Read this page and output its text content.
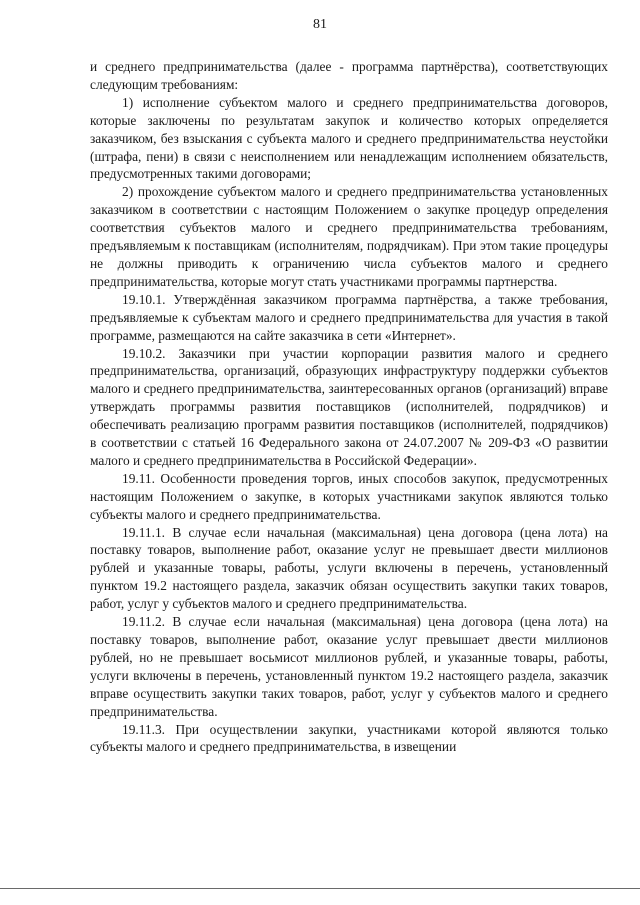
81

и среднего предпринимательства (далее - программа партнёрства), соответствующих следующим требованиям:

1) исполнение субъектом малого и среднего предпринимательства договоров, которые заключены по результатам закупок и количество которых определяется заказчиком, без взыскания с субъекта малого и среднего предпринимательства неустойки (штрафа, пени) в связи с неисполнением или ненадлежащим исполнением обязательств, предусмотренных такими договорами;

2) прохождение субъектом малого и среднего предпринимательства установленных заказчиком в соответствии с настоящим Положением о закупке процедур определения соответствия субъектов малого и среднего предпринимательства требованиям, предъявляемым к поставщикам (исполнителям, подрядчикам). При этом такие процедуры не должны приводить к ограничению числа субъектов малого и среднего предпринимательства, которые могут стать участниками программы партнерства.

19.10.1. Утверждённая заказчиком программа партнёрства, а также требования, предъявляемые к субъектам малого и среднего предпринимательства для участия в такой программе, размещаются на сайте заказчика в сети «Интернет».

19.10.2. Заказчики при участии корпорации развития малого и среднего предпринимательства, организаций, образующих инфраструктуру поддержки субъектов малого и среднего предпринимательства, заинтересованных органов (организаций) вправе утверждать программы развития поставщиков (исполнителей, подрядчиков) и обеспечивать реализацию программ развития поставщиков (исполнителей, подрядчиков) в соответствии с статьей 16 Федерального закона от 24.07.2007 № 209-ФЗ «О развитии малого и среднего предпринимательства в Российской Федерации».

19.11. Особенности проведения торгов, иных способов закупок, предусмотренных настоящим Положением о закупке, в которых участниками закупок являются только субъекты малого и среднего предпринимательства.

19.11.1. В случае если начальная (максимальная) цена договора (цена лота) на поставку товаров, выполнение работ, оказание услуг не превышает двести миллионов рублей и указанные товары, работы, услуги включены в перечень, установленный пунктом 19.2 настоящего раздела, заказчик обязан осуществить закупки таких товаров, работ, услуг у субъектов малого и среднего предпринимательства.

19.11.2. В случае если начальная (максимальная) цена договора (цена лота) на поставку товаров, выполнение работ, оказание услуг превышает двести миллионов рублей, но не превышает восьмисот миллионов рублей, и указанные товары, работы, услуги включены в перечень, установленный пунктом 19.2 настоящего раздела, заказчик вправе осуществить закупки таких товаров, работ, услуг у субъектов малого и среднего предпринимательства.

19.11.3. При осуществлении закупки, участниками которой являются только субъекты малого и среднего предпринимательства, в извещении
